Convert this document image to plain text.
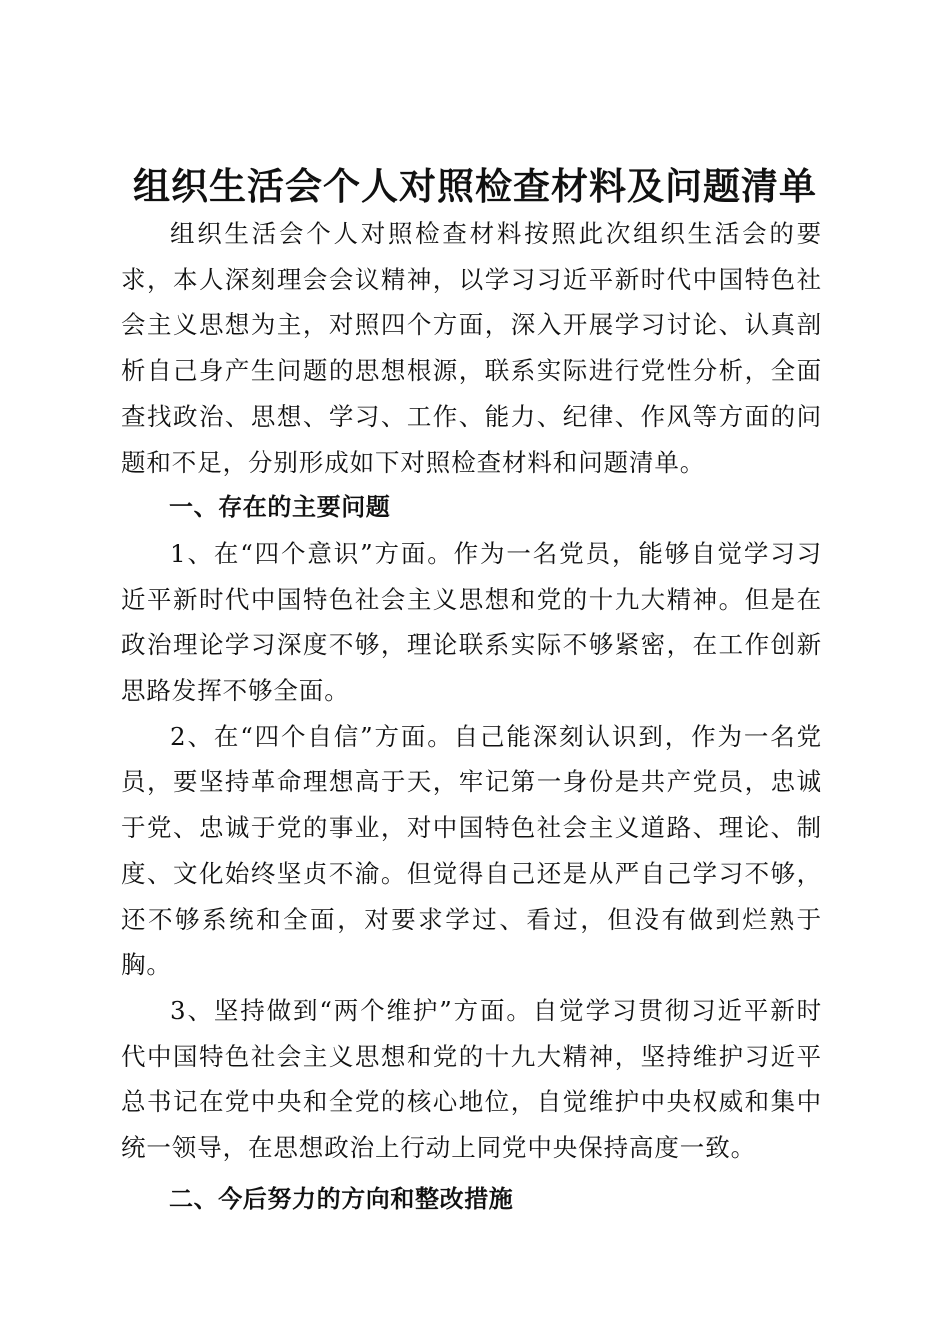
组织生活会个人对照检查材料及问题清单

组织生活会个人对照检查材料按照此次组织生活会的要求，本人深刻理会会议精神，以学习习近平新时代中国特色社会主义思想为主，对照四个方面，深入开展学习讨论、认真剖析自己身产生问题的思想根源，联系实际进行党性分析，全面查找政治、思想、学习、工作、能力、纪律、作风等方面的问题和不足，分别形成如下对照检查材料和问题清单。

一、存在的主要问题

1、在“四个意识”方面。作为一名党员，能够自觉学习习近平新时代中国特色社会主义思想和党的十九大精神。但是在政治理论学习深度不够，理论联系实际不够紧密，在工作创新思路发挥不够全面。

2、在“四个自信”方面。自己能深刻认识到，作为一名党员，要坚持革命理想高于天，牢记第一身份是共产党员，忠诚于党、忠诚于党的事业，对中国特色社会主义道路、理论、制度、文化始终坚贞不渝。但觉得自己还是从严自己学习不够，还不够系统和全面，对要求学过、看过，但没有做到烂熟于胸。

3、坚持做到“两个维护”方面。自觉学习贯彻习近平新时代中国特色社会主义思想和党的十九大精神，坚持维护习近平总书记在党中央和全党的核心地位，自觉维护中央权威和集中统一领导，在思想政治上行动上同党中央保持高度一致。

二、今后努力的方向和整改措施
